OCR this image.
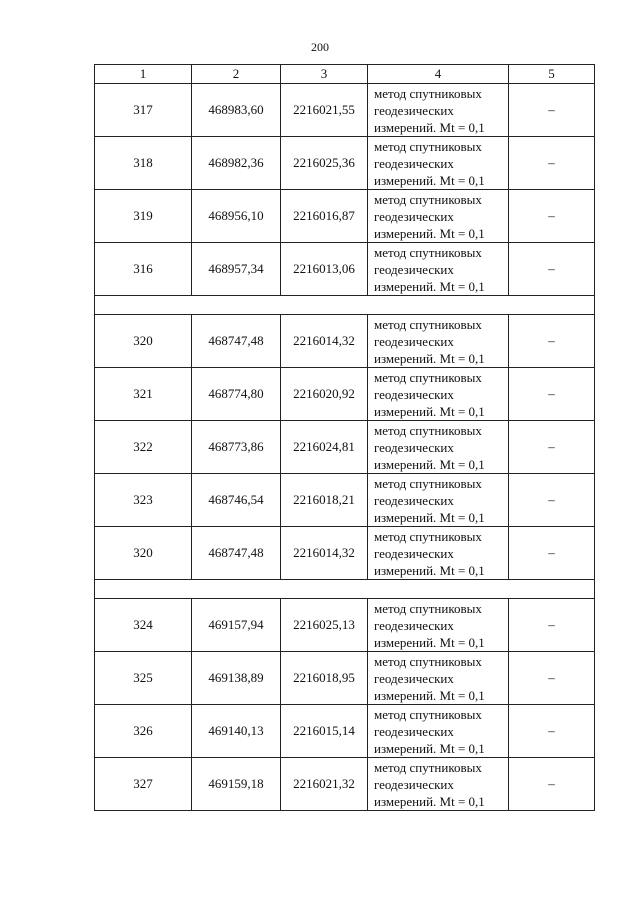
200
1	2	3	4	5
317	468983,60	2216021,55	метод спутниковых
геодезических
измерений. Mt = 0,1	–
318	468982,36	2216025,36	метод спутниковых
геодезических
измерений. Mt = 0,1	–
319	468956,10	2216016,87	метод спутниковых
геодезических
измерений. Mt = 0,1	–
316	468957,34	2216013,06	метод спутниковых
геодезических
измерений. Mt = 0,1	–

320	468747,48	2216014,32	метод спутниковых
геодезических
измерений. Mt = 0,1	–
321	468774,80	2216020,92	метод спутниковых
геодезических
измерений. Mt = 0,1	–
322	468773,86	2216024,81	метод спутниковых
геодезических
измерений. Mt = 0,1	–
323	468746,54	2216018,21	метод спутниковых
геодезических
измерений. Mt = 0,1	–
320	468747,48	2216014,32	метод спутниковых
геодезических
измерений. Mt = 0,1	–

324	469157,94	2216025,13	метод спутниковых
геодезических
измерений. Mt = 0,1	–
325	469138,89	2216018,95	метод спутниковых
геодезических
измерений. Mt = 0,1	–
326	469140,13	2216015,14	метод спутниковых
геодезических
измерений. Mt = 0,1	–
327	469159,18	2216021,32	метод спутниковых
геодезических
измерений. Mt = 0,1	–
